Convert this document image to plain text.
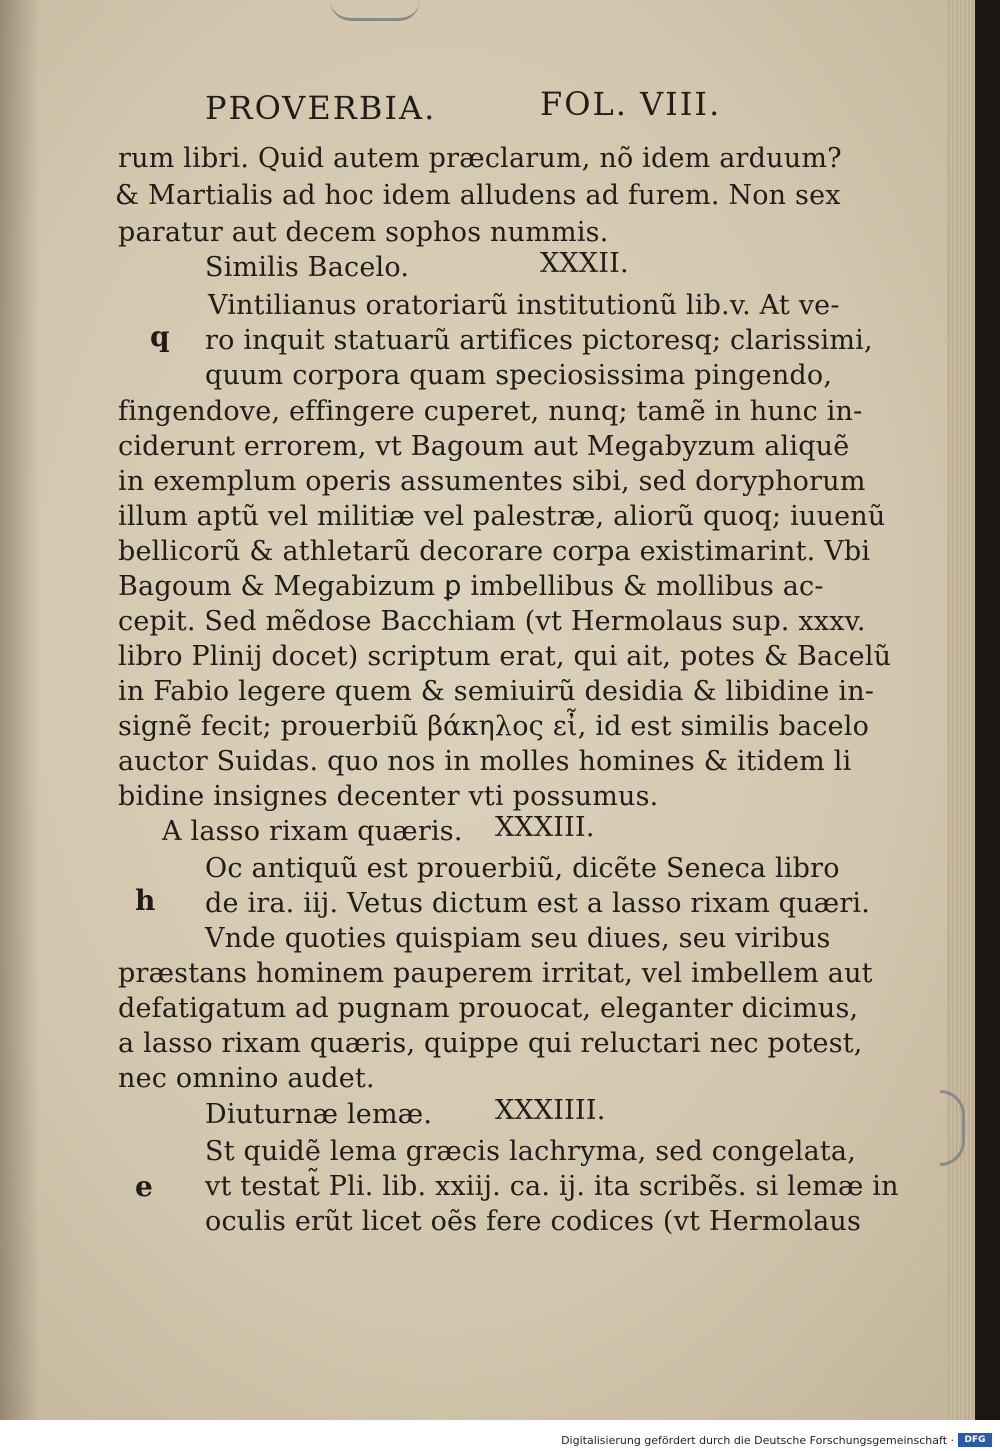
PROVERBIA.	FOL. VIII.
rum libri. Quid autem præclarum, nõ idem arduum?
& Martialis ad hoc idem alludens ad furem. Non sex
paratur aut decem sophos nummis.
Similis Bacelo.	XXXII.
q
Vintilianus oratoriarũ institutionũ lib.v. At ve-
ro inquit statuarũ artifices pictoresq; clarissimi,
quum corpora quam speciosissima pingendo,
fingendove, effingere cuperet, nunq; tamẽ in hunc in-
ciderunt errorem, vt Bagoum aut Megabyzum aliquẽ
in exemplum operis assumentes sibi, sed doryphorum
illum aptũ vel militiæ vel palestræ, aliorũ quoq; iuuenũ
bellicorũ & athletarũ decorare corpa existimarint. Vbi
Bagoum & Megabizum ꝑ imbellibus & mollibus ac-
cepit. Sed mẽdose Bacchiam (vt Hermolaus sup. xxxv.
libro Plinij docet) scriptum erat, qui ait, potes & Bacelũ
in Fabio legere quem & semiuirũ desidia & libidine in-
signẽ fecit; prouerbiũ βάκηλος εἶ, id est similis bacelo
auctor Suidas. quo nos in molles homines & itidem li
bidine insignes decenter vti possumus.
A lasso rixam quæris. XXXIII.
h
Oc antiquũ est prouerbiũ, dicẽte Seneca libro
de ira. iij. Vetus dictum est a lasso rixam quæri.
Vnde quoties quispiam seu diues, seu viribus
præstans hominem pauperem irritat, vel imbellem aut
defatigatum ad pugnam prouocat, eleganter dicimus,
a lasso rixam quæris, quippe qui reluctari nec potest,
nec omnino audet.
Diuturnæ lemæ. XXXIIII.
e
St quidẽ lema græcis lachryma, sed congelata,
vt testat̃ Pli. lib. xxiij. ca. ij. ita scribẽs. si lemæ in
oculis erũt licet oẽs fere codices (vt Hermolaus
Digitalisierung gefördert durch die Deutsche Forschungsgemeinschaft ·	DFG
